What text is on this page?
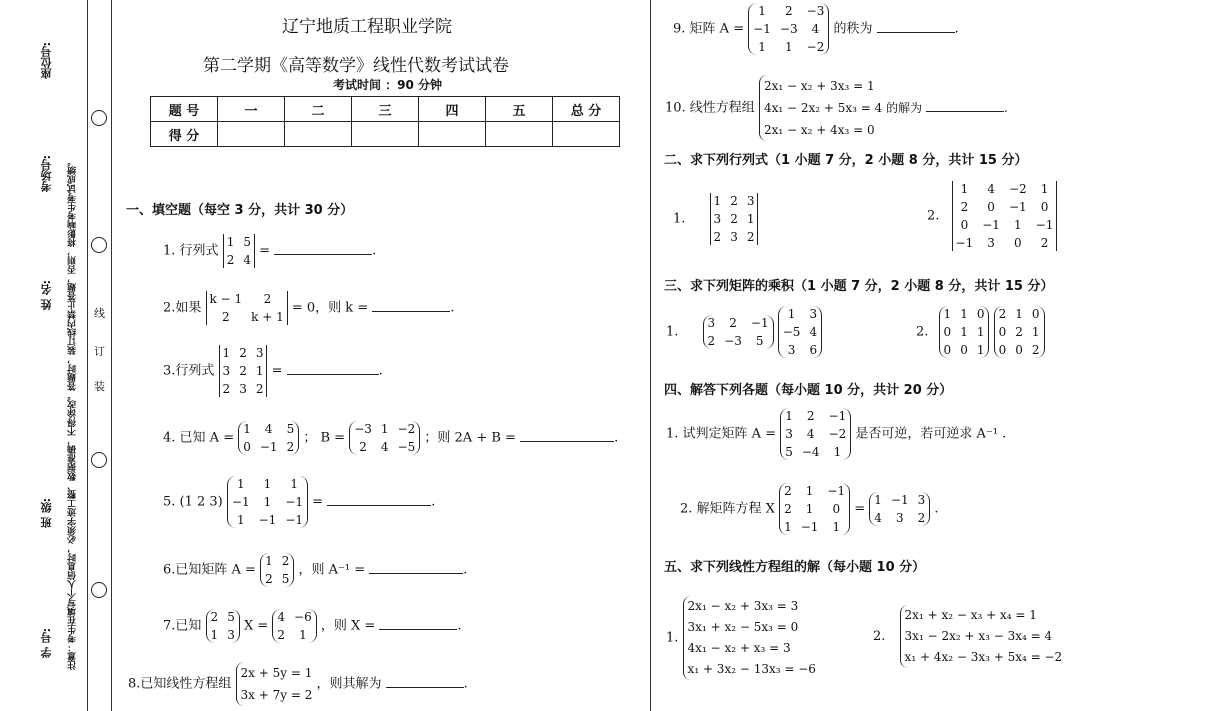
座位号:
考场号:
姓 名:
班 级:
学 号: 注意：考生在填写个人信息时，必须字迹工整、数据准确，不得涂改。答题时，装订线内禁止答题，否则，将影响考生考试成绩。 线
订
装
辽宁地质工程职业学院
第二学期《高等数学》线性代数考试试卷
考试时间 ：90 分钟
题 号	一	二	三	四	五	总 分
得 分						
一、填空题（每空 3 分，共计 30 分）
1. 行列式
1 5
2 4
=	.
2.如果
k − 1	2
2	k + 1
= 0，则 k =	.
3.行列式
1 2 3
3 2 1
2 3 2
=	.
4. 已知 A =
1	4	5
0 −1 2
； B =
−3 1 −2
2	4 −5
；则 2A + B =	.
5. (1 2 3)
1	1	1
−1	1	−1
1	−1 −1
=	.
6.已知矩阵 A =
1 2
2 5
，则 A⁻¹ =	.
7.已知
2 5
1 3
X =
4 −6
2	1
，则 X =	.
8.已知线性方程组 2x + 5y = 1
3x + 7y = 2 ，则其解为	.
9. 矩阵 A =
1	2	−3
−1 −3	4
1	1	−2
的秩为	.
10. 线性方程组 2x₁ − x₂ + 3x₃ = 1
4x₁ − 2x₂ + 5x₃ = 4 的解为	.
2x₁ − x₂ + 4x₃ = 0
二、求下列行列式（1 小题 7 分，2 小题 8 分，共计 15 分）
1.
1 2 3
3 2 1
2 3 2
2.
1	4	−2	1
2	0	−1	0
0	−1	1	−1
−1	3	0	2
三、求下列矩阵的乘积（1 小题 7 分，2 小题 8 分，共计 15 分）
1.
3	2	−1
2 −3	5

1	3
−5 4
3	6
2.
1 1 0
0 1 1
0 0 1

2 1 0
0 2 1
0 0 2
四、解答下列各题（每小题 10 分，共计 20 分）
1. 试判定矩阵 A =
1	2	−1
3	4	−2
5 −4	1
是否可逆，若可逆求 A⁻¹ .
2. 解矩阵方程 X
2	1	−1
2	1	0
1 −1	1
=
1 −1 3
4	3	2
.
五、求下列线性方程组的解（每小题 10 分）
1. 2x₁ − x₂ + 3x₃ = 3
3x₁ + x₂ − 5x₃ = 0
4x₁ − x₂ + x₃ = 3
x₁ + 3x₂ − 13x₃ = −6
2. 2x₁ + x₂ − x₃ + x₄ = 1
3x₁ − 2x₂ + x₃ − 3x₄ = 4
x₁ + 4x₂ − 3x₃ + 5x₄ = −2
